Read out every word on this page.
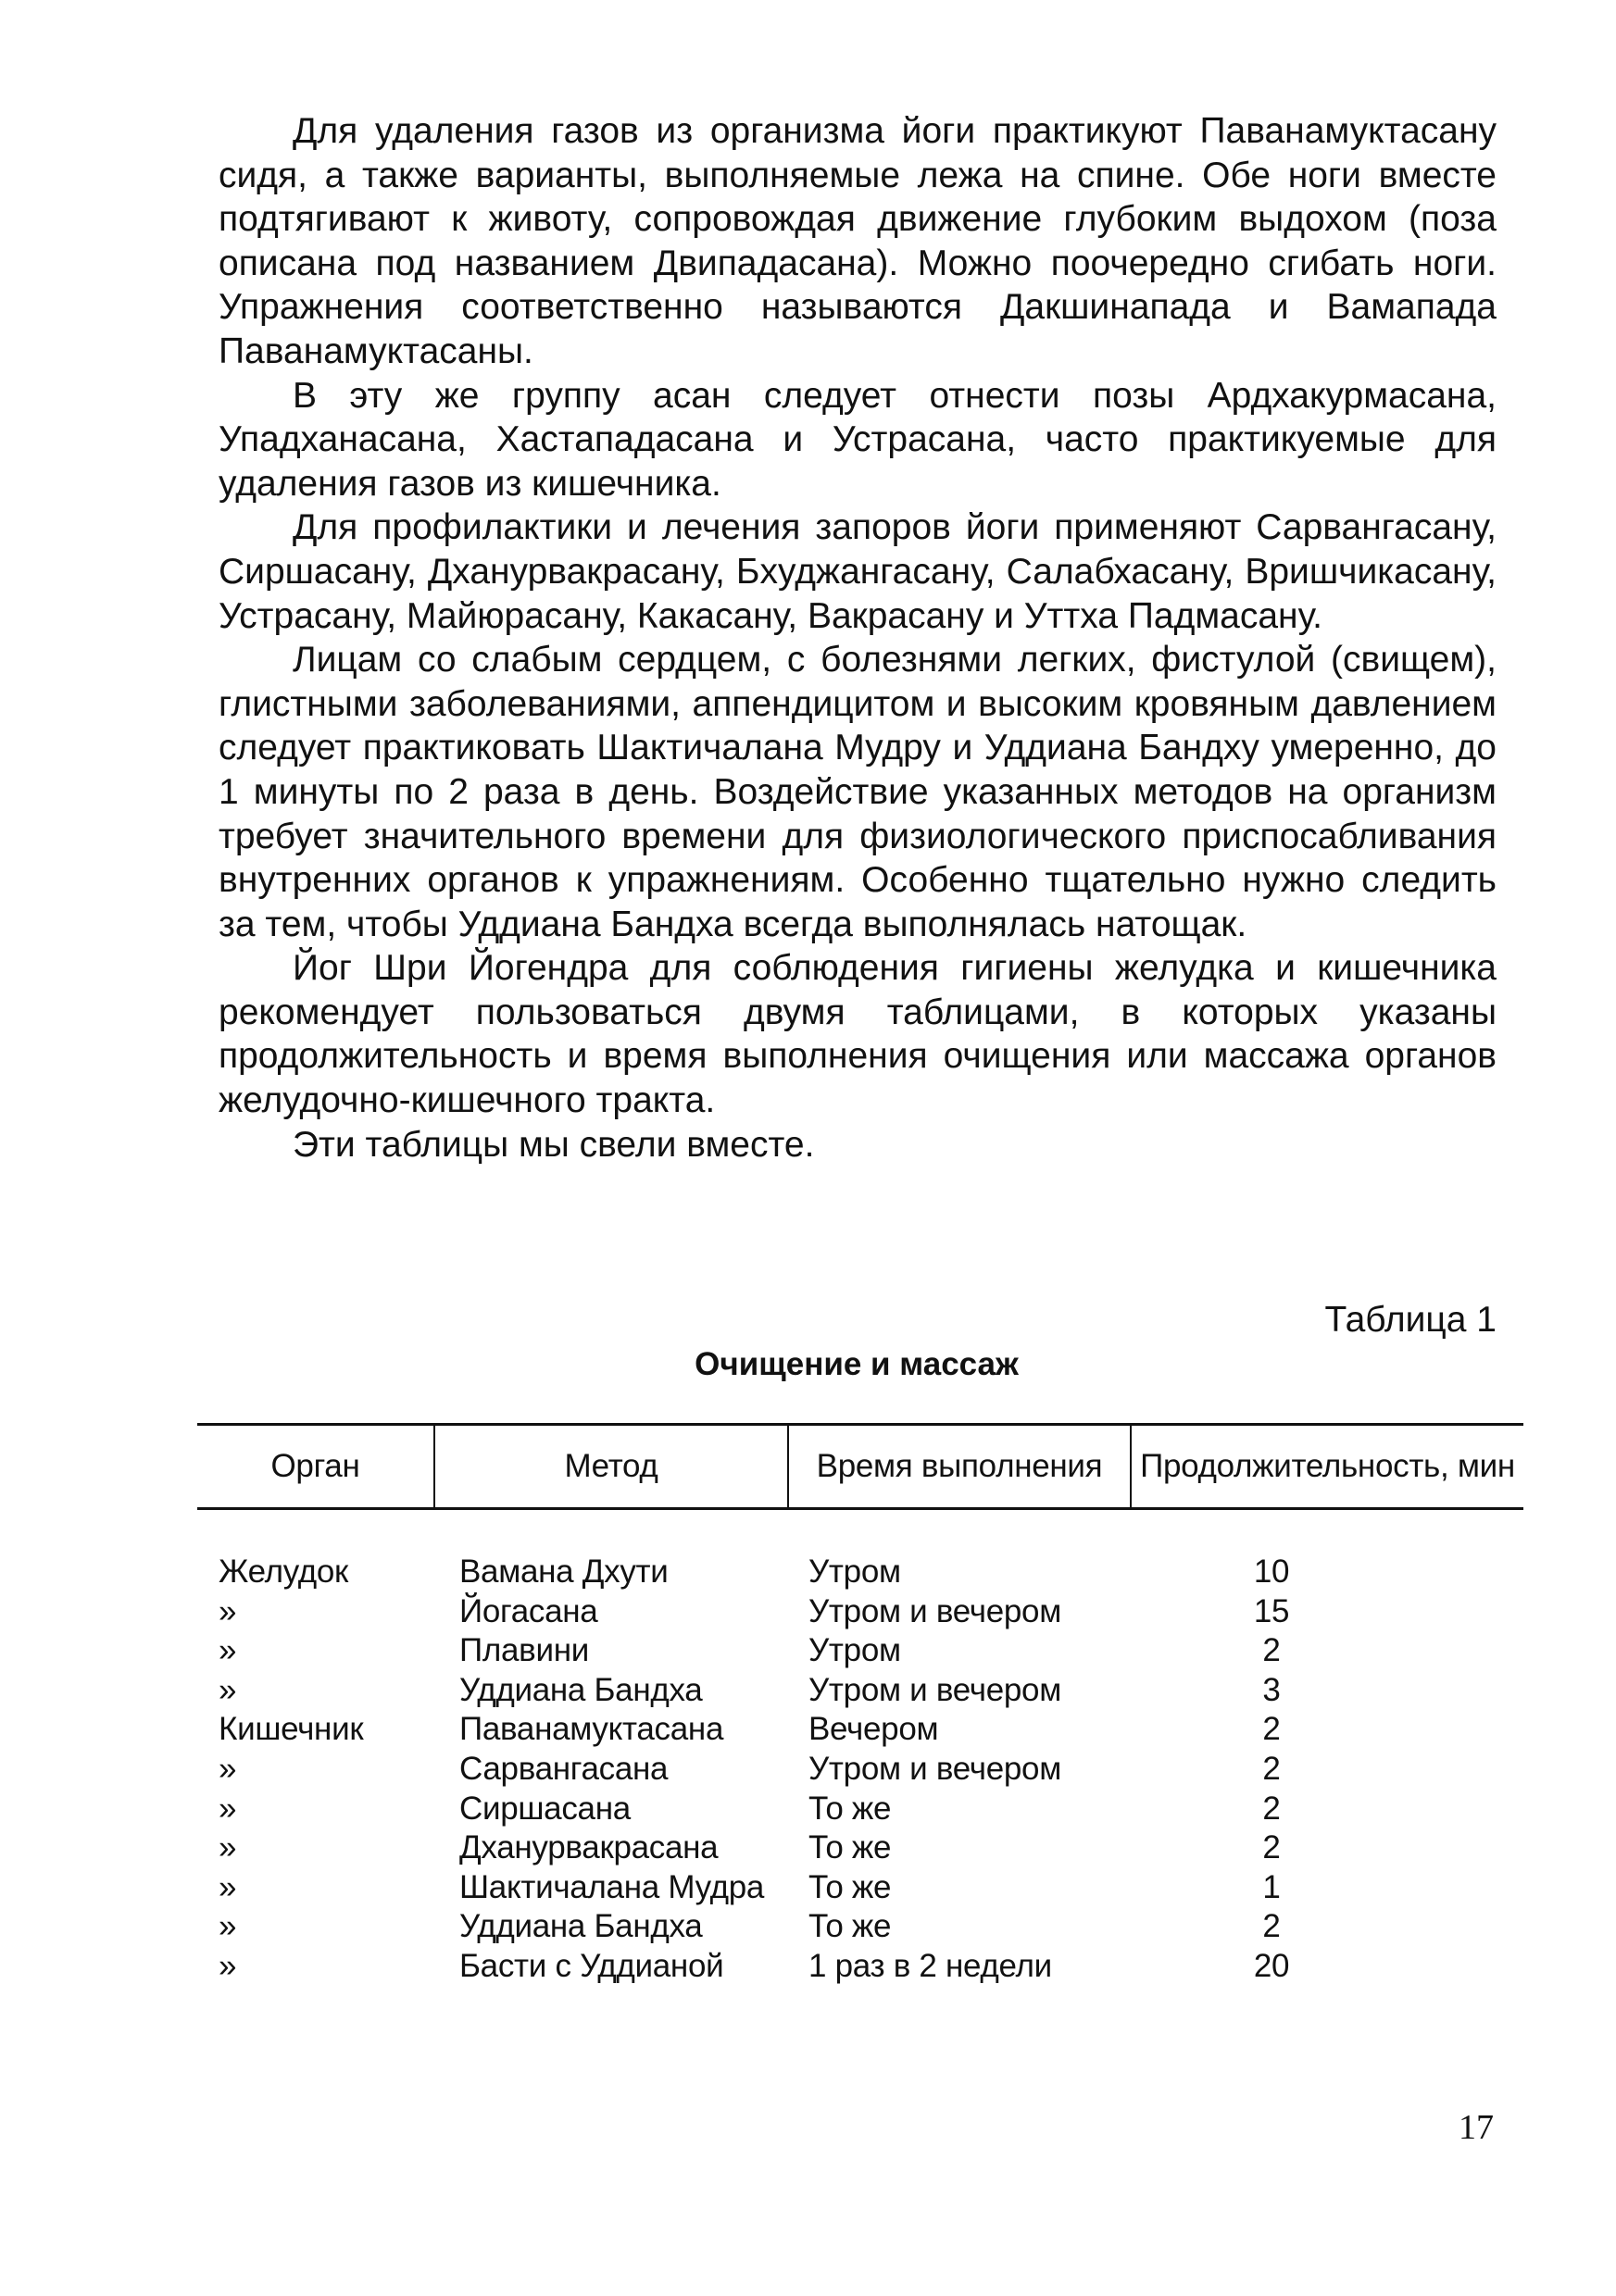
Для удаления газов из организма йоги практикуют Паванамуктасану сидя, а также варианты, выполняемые лежа на спине. Обе ноги вместе подтягивают к животу, сопровождая движение глубоким выдохом (поза описана под названием Двипадасана). Можно поочередно сгибать ноги. Упражнения соответственно называются Дакшинапада и Вамапада Паванамуктасаны.

В эту же группу асан следует отнести позы Ардхакурмасана, Упадханасана, Хастападасана и Устрасана, часто практикуемые для удаления газов из кишечника.

Для профилактики и лечения запоров йоги применяют Сарвангасану, Сиршасану, Дханурвакрасану, Бхуджангасану, Салабхасану, Вришчикасану, Устрасану, Майюрасану, Какасану, Вакрасану и Уттха Падмасану.

Лицам со слабым сердцем, с болезнями легких, фистулой (свищем), глистными заболеваниями, аппендицитом и высоким кровяным давлением следует практиковать Шактичалана Мудру и Уддиана Бандху умеренно, до 1 минуты по 2 раза в день. Воздействие указанных методов на организм требует значительного времени для физиологического приспосабливания внутренних органов к упражнениям. Особенно тщательно нужно следить за тем, чтобы Уддиана Бандха всегда выполнялась натощак.

Йог Шри Йогендра для соблюдения гигиены желудка и кишечника рекомендует пользоваться двумя таблицами, в которых указаны продолжительность и время выполнения очищения или массажа органов желудочно-кишечного тракта.

Эти таблицы мы свели вместе.

Таблица 1
Очищение и массаж
Орган	Метод	Время выполнения	Продолжительность, мин

Желудок	Вамана Дхути	Утром	10
»	Йогасана	Утром и вечером	15
»	Плавини	Утром	2
»	Уддиана Бандха	Утром и вечером	3
Кишечник	Паванамуктасана	Вечером	2
»	Сарвангасана	Утром и вечером	2
»	Сиршасана	То же	2
»	Дханурвакрасана	То же	2
»	Шактичалана Мудра	То же	1
»	Уддиана Бандха	То же	2
»	Басти с Уддианой	1 раз в 2 недели	20
17
